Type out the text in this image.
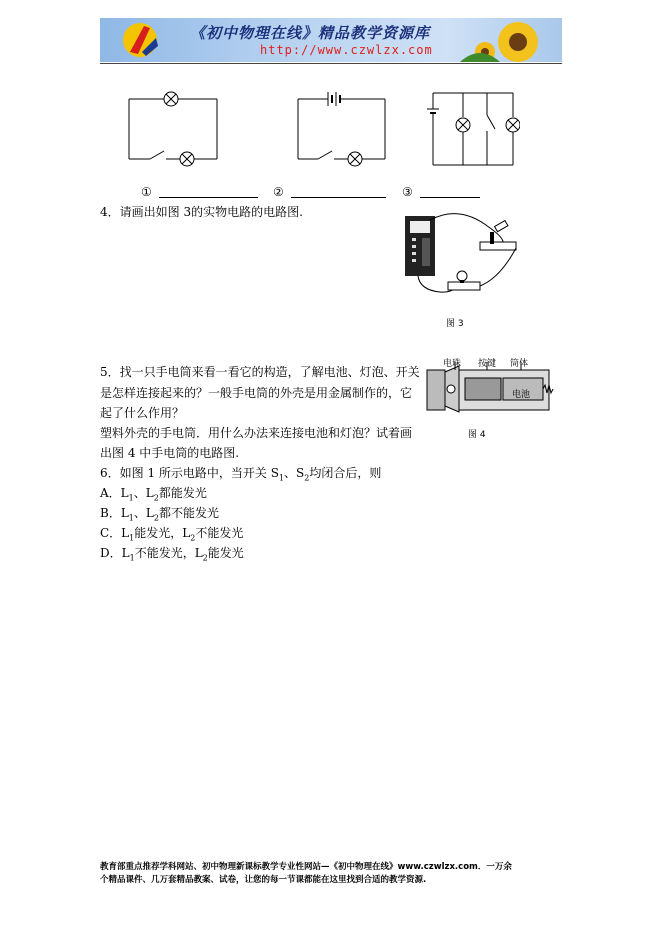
《初中物理在线》精品教学资源库
http://www.czwlzx.com
①	②	③
4．请画出如图 3的实物电路的电路图.
图 3
5．找一只手电筒来看一看它的构造，了解电池、灯泡、开关
是怎样连接起来的？一般手电筒的外壳是用金属制作的，它
起了什么作用？
塑料外壳的手电筒．用什么办法来连接电池和灯泡？试着画
出图 4 中手电筒的电路图.
电珠 按键 筒体
电池
图 4
6．如图 1 所示电路中，当开关 $S_1$、$S_2$均闭合后，则
A．$L_1$、$L_2$都能发光
B．$L_1$、$L_2$都不能发光
C．$L_1$能发光，$L_2$不能发光
D．$L_1$不能发光，$L_2$能发光
教育部重点推荐学科网站、初中物理新课标教学专业性网站—《初中物理在线》www.czwlzx.com．一万余
个精品课件、几万套精品教案、试卷，让您的每一节课都能在这里找到合适的教学资源.
